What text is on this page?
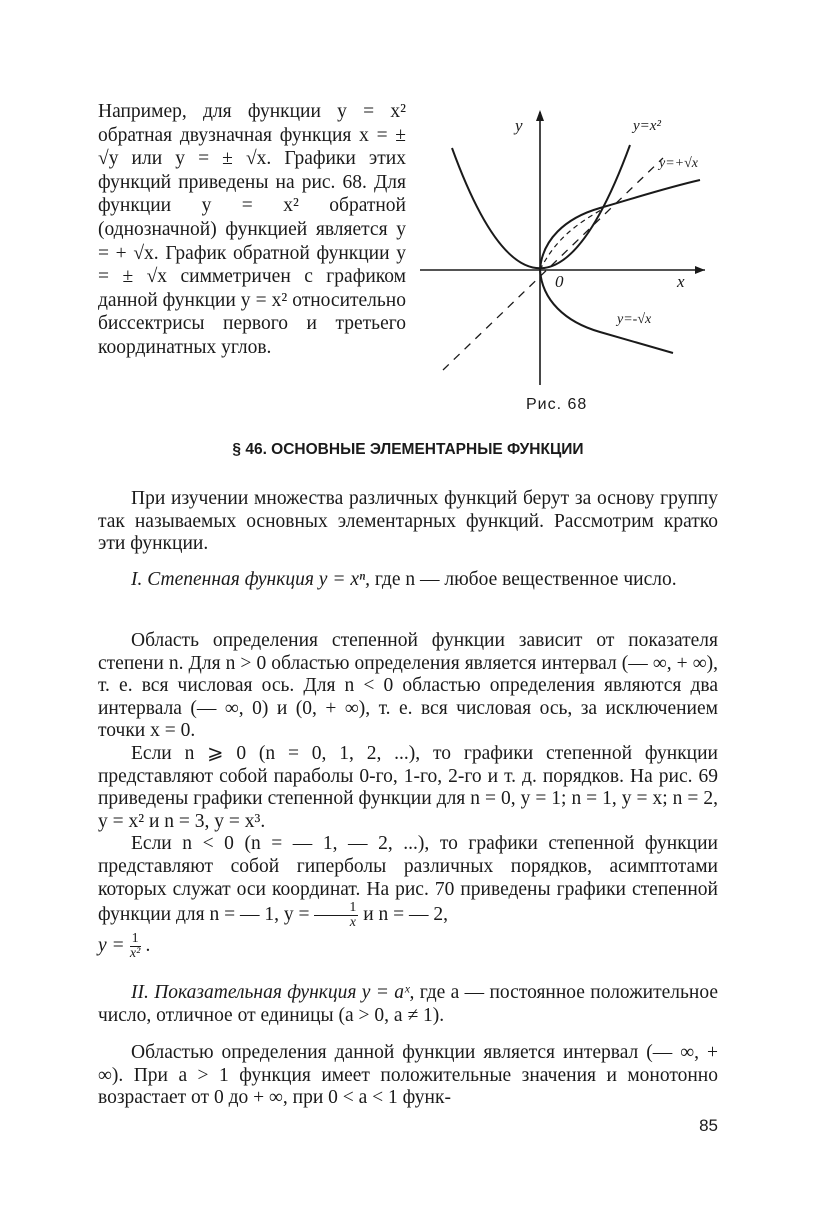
Например, для функции y = x² обратная двузначная функция x = ± √y или y = ± √x. Графики этих функций приведены на рис. 68. Для функции y = x² обратной (однозначной) функцией является y = + √x. График обратной функции y = ± √x симметричен с графиком данной функции y = x² относительно биссектрисы первого и третьего координатных углов.
y
x
0
y=x²
y=+√x
y=-√x
Рис. 68
§ 46. ОСНОВНЫЕ ЭЛЕМЕНТАРНЫЕ ФУНКЦИИ

При изучении множества различных функций берут за основу группу так называемых основных элементарных функций. Рассмотрим кратко эти функции.

I. Степенная функция y = xⁿ, где n — любое вещественное число.

Область определения степенной функции зависит от показателя степени n. Для n > 0 областью определения является интервал (— ∞, + ∞), т. е. вся числовая ось. Для n < 0 областью определения являются два интервала (— ∞, 0) и (0, + ∞), т. е. вся числовая ось, за исключением точки x = 0.

Если n ⩾ 0 (n = 0, 1, 2, ...), то графики степенной функции представляют собой параболы 0-го, 1-го, 2-го и т. д. порядков. На рис. 69 приведены графики степенной функции для n = 0, y = 1; n = 1, y = x; n = 2, y = x² и n = 3, y = x³.

Если n < 0 (n = — 1, — 2, ...), то графики степенной функции представляют собой гиперболы различных порядков, асимптотами которых служат оси координат. На рис. 70 приведены графики степенной функции для n = — 1, $y = \frac{1}{x}$ и n = — 2,

$y = \frac{1}{\text{x²}}$ .

II. Показательная функция y = aˣ, где a — постоянное положительное число, отличное от единицы (a > 0, a ≠ 1).

Областью определения данной функции является интервал (— ∞, + ∞). При a > 1 функция имеет положительные значения и монотонно возрастает от 0 до + ∞, при 0 < a < 1 функ-

85
